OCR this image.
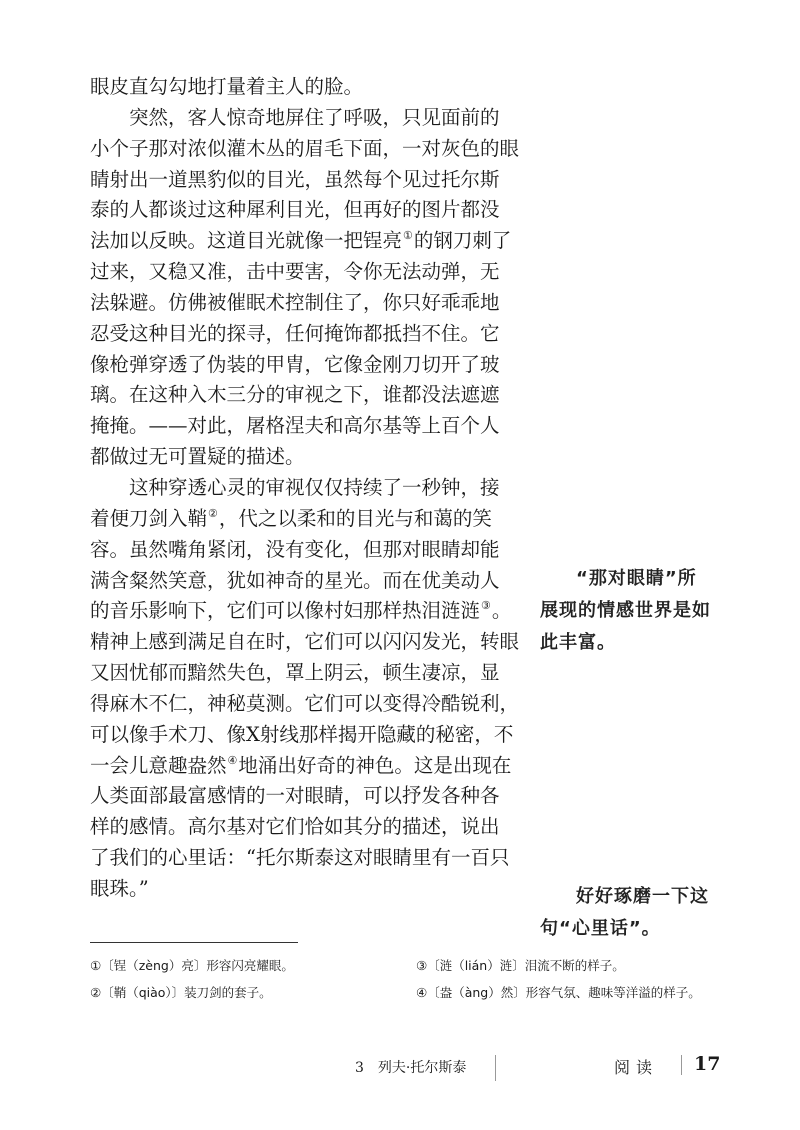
眼皮直勾勾地打量着主人的脸。
突然，客人惊奇地屏住了呼吸，只见面前的
小个子那对浓似灌木丛的眉毛下面，一对灰色的眼
睛射出一道黑豹似的目光，虽然每个见过托尔斯
泰的人都谈过这种犀利目光，但再好的图片都没
法加以反映。这道目光就像一把锃亮①的钢刀刺了
过来，又稳又准，击中要害，令你无法动弹，无
法躲避。仿佛被催眠术控制住了，你只好乖乖地
忍受这种目光的探寻，任何掩饰都抵挡不住。它
像枪弹穿透了伪装的甲胄，它像金刚刀切开了玻
璃。在这种入木三分的审视之下，谁都没法遮遮
掩掩。——对此，屠格涅夫和高尔基等上百个人
都做过无可置疑的描述。
这种穿透心灵的审视仅仅持续了一秒钟，接
着便刀剑入鞘②，代之以柔和的目光与和蔼的笑
容。虽然嘴角紧闭，没有变化，但那对眼睛却能
满含粲然笑意，犹如神奇的星光。而在优美动人
的音乐影响下，它们可以像村妇那样热泪涟涟③。
精神上感到满足自在时，它们可以闪闪发光，转眼
又因忧郁而黯然失色，罩上阴云，顿生凄凉，显
得麻木不仁，神秘莫测。它们可以变得冷酷锐利，
可以像手术刀、像X射线那样揭开隐藏的秘密，不
一会儿意趣盎然④地涌出好奇的神色。这是出现在
人类面部最富感情的一对眼睛，可以抒发各种各
样的感情。高尔基对它们恰如其分的描述，说出
了我们的心里话：“托尔斯泰这对眼睛里有一百只
眼珠。”
“那对眼睛”所
展现的情感世界是如
此丰富。
好好琢磨一下这
句“心里话”。
①〔锃（zèng）亮〕形容闪亮耀眼。
②〔鞘（qiào）〕装刀剑的套子。
③〔涟（lián）涟〕泪流不断的样子。
④〔盎（àng）然〕形容气氛、趣味等洋溢的样子。
3　列夫·托尔斯泰	阅读 17
